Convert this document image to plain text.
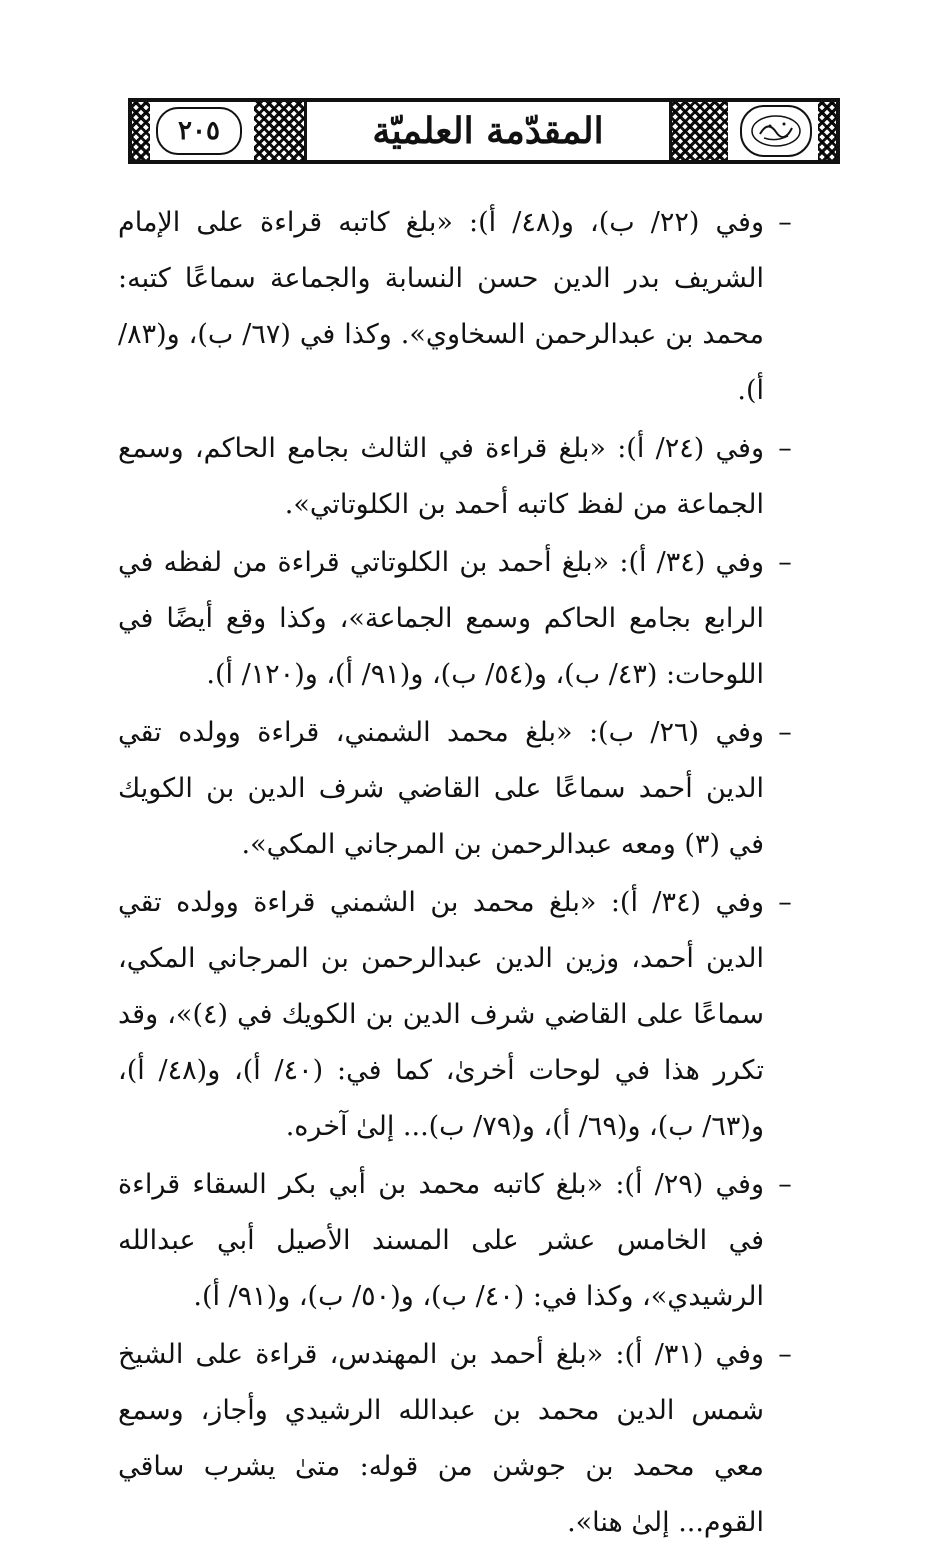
٢٠٥	المقدّمة العلميّة

–
وفي (٢٢/ ب)، و(٤٨/ أ): «بلغ كاتبه قراءة على الإمام الشريف بدر الدين حسن النسابة والجماعة سماعًا كتبه: محمد بن عبدالرحمن السخاوي». وكذا في (٦٧/ ب)، و(٨٣/ أ).

–
وفي (٢٤/ أ): «بلغ قراءة في الثالث بجامع الحاكم، وسمع الجماعة من لفظ كاتبه أحمد بن الكلوتاتي».

–
وفي (٣٤/ أ): «بلغ أحمد بن الكلوتاتي قراءة من لفظه في الرابع بجامع الحاكم وسمع الجماعة»، وكذا وقع أيضًا في اللوحات: (٤٣/ ب)، و(٥٤/ ب)، و(٩١/ أ)، و(١٢٠/ أ).

–
وفي (٢٦/ ب): «بلغ محمد الشمني، قراءة وولده تقي الدين أحمد سماعًا على القاضي شرف الدين بن الكويك في (٣) ومعه عبدالرحمن بن المرجاني المكي».

–
وفي (٣٤/ أ): «بلغ محمد بن الشمني قراءة وولده تقي الدين أحمد، وزين الدين عبدالرحمن بن المرجاني المكي، سماعًا على القاضي شرف الدين بن الكويك في (٤)»، وقد تكرر هذا في لوحات أخرىٰ، كما في: (٤٠/ أ)، و(٤٨/ أ)، و(٦٣/ ب)، و(٦٩/ أ)، و(٧٩/ ب)... إلىٰ آخره.

–
وفي (٢٩/ أ): «بلغ كاتبه محمد بن أبي بكر السقاء قراءة في الخامس عشر على المسند الأصيل أبي عبدالله الرشيدي»، وكذا في: (٤٠/ ب)، و(٥٠/ ب)، و(٩١/ أ).

–
وفي (٣١/ أ): «بلغ أحمد بن المهندس، قراءة على الشيخ شمس الدين محمد بن عبدالله الرشيدي وأجاز، وسمع معي محمد بن جوشن من قوله: متىٰ يشرب ساقي القوم... إلىٰ هنا».
